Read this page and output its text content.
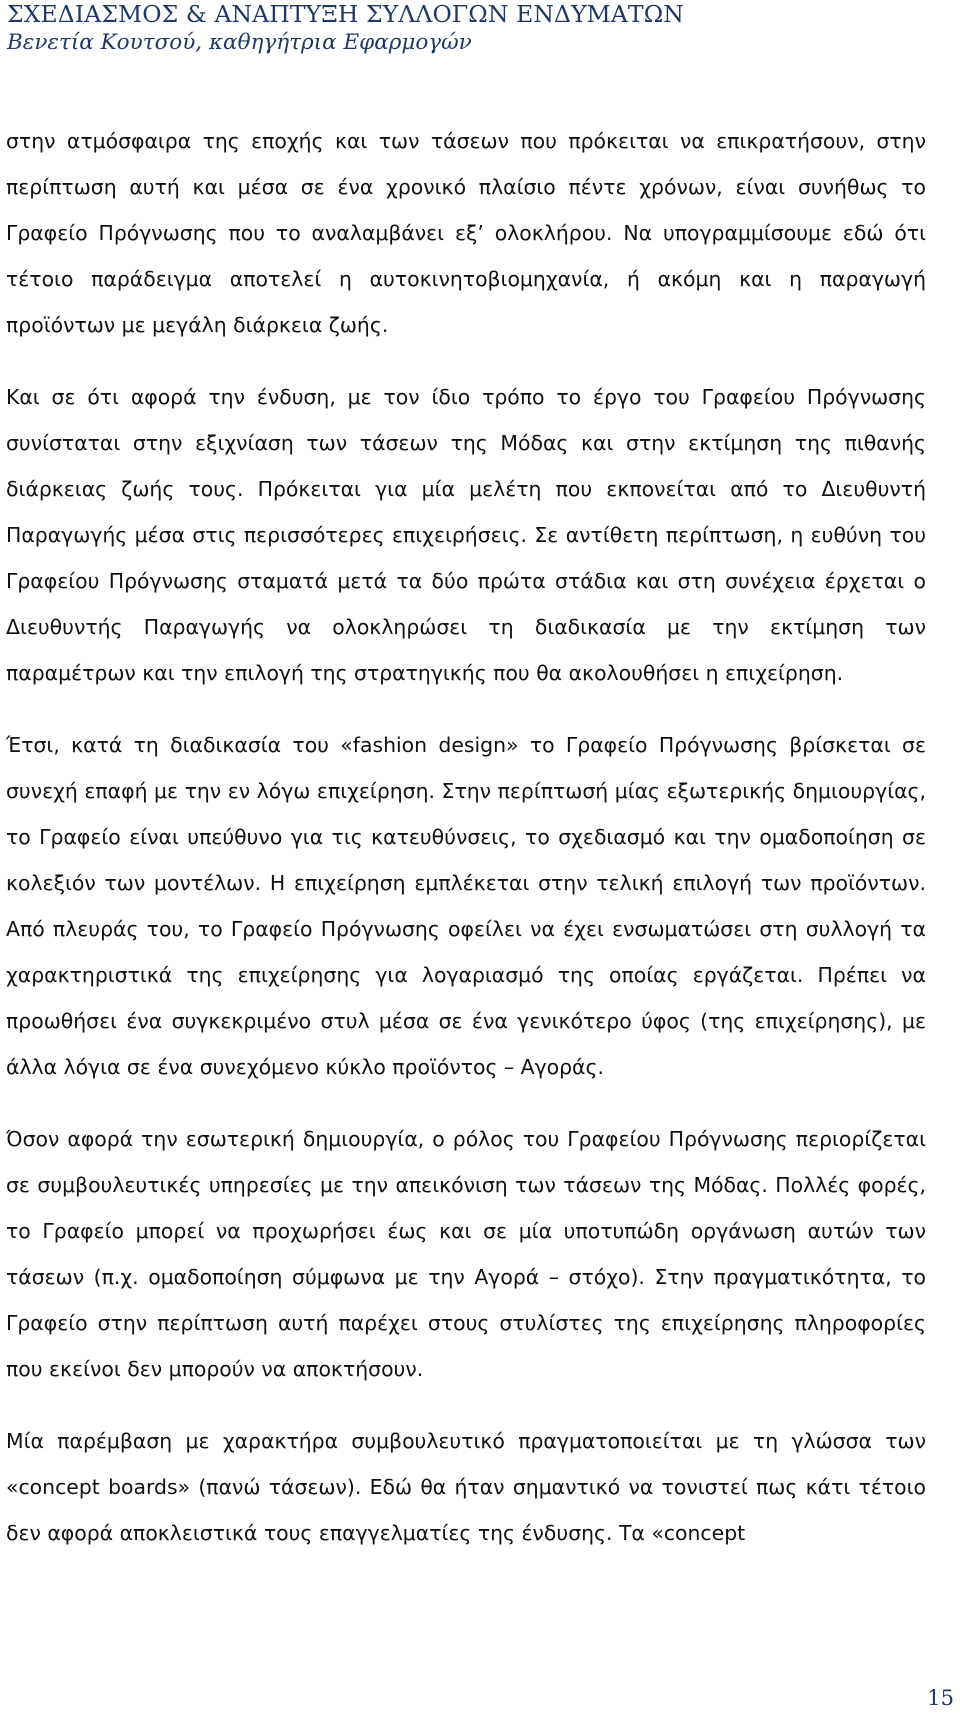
ΣΧΕΔΙΑΣΜΟΣ & ΑΝΑΠΤΥΞΗ ΣΥΛΛΟΓΩΝ ΕΝΔΥΜΑΤΩΝ
Βενετία Κουτσού, καθηγήτρια Εφαρμογών

στην ατμόσφαιρα της εποχής και των τάσεων που πρόκειται να επικρατήσουν, στην περίπτωση αυτή και μέσα σε ένα χρονικό πλαίσιο πέντε χρόνων, είναι συνήθως το Γραφείο Πρόγνωσης που το αναλαμβάνει εξ’ ολοκλήρου. Να υπογραμμίσουμε εδώ ότι τέτοιο παράδειγμα αποτελεί η αυτοκινητοβιομηχανία, ή ακόμη και η παραγωγή προϊόντων με μεγάλη διάρκεια ζωής.

Και σε ότι αφορά την ένδυση, με τον ίδιο τρόπο το έργο του Γραφείου Πρόγνωσης συνίσταται στην εξιχνίαση των τάσεων της Μόδας και στην εκτίμηση της πιθανής διάρκειας ζωής τους. Πρόκειται για μία μελέτη που εκπονείται από το Διευθυντή Παραγωγής μέσα στις περισσότερες επιχειρήσεις. Σε αντίθετη περίπτωση, η ευθύνη του Γραφείου Πρόγνωσης σταματά μετά τα δύο πρώτα στάδια και στη συνέχεια έρχεται ο Διευθυντής Παραγωγής να ολοκληρώσει τη διαδικασία με την εκτίμηση των παραμέτρων και την επιλογή της στρατηγικής που θα ακολουθήσει η επιχείρηση.

Έτσι, κατά τη διαδικασία του «fashion design» το Γραφείο Πρόγνωσης βρίσκεται σε συνεχή επαφή με την εν λόγω επιχείρηση. Στην περίπτωσή μίας εξωτερικής δημιουργίας, το Γραφείο είναι υπεύθυνο για τις κατευθύνσεις, το σχεδιασμό και την ομαδοποίηση σε κολεξιόν των μοντέλων. Η επιχείρηση εμπλέκεται στην τελική επιλογή των προϊόντων. Από πλευράς του, το Γραφείο Πρόγνωσης οφείλει να έχει ενσωματώσει στη συλλογή τα χαρακτηριστικά της επιχείρησης για λογαριασμό της οποίας εργάζεται. Πρέπει να προωθήσει ένα συγκεκριμένο στυλ μέσα σε ένα γενικότερο ύφος (της επιχείρησης), με άλλα λόγια σε ένα συνεχόμενο κύκλο προϊόντος – Αγοράς.

Όσον αφορά την εσωτερική δημιουργία, ο ρόλος του Γραφείου Πρόγνωσης περιορίζεται σε συμβουλευτικές υπηρεσίες με την απεικόνιση των τάσεων της Μόδας. Πολλές φορές, το Γραφείο μπορεί να προχωρήσει έως και σε μία υποτυπώδη οργάνωση αυτών των τάσεων (π.χ. ομαδοποίηση σύμφωνα με την Αγορά – στόχο). Στην πραγματικότητα, το Γραφείο στην περίπτωση αυτή παρέχει στους στυλίστες της επιχείρησης πληροφορίες που εκείνοι δεν μπορούν να αποκτήσουν.

Μία παρέμβαση με χαρακτήρα συμβουλευτικό πραγματοποιείται με τη γλώσσα των «concept boards» (πανώ τάσεων). Εδώ θα ήταν σημαντικό να τονιστεί πως κάτι τέτοιο δεν αφορά αποκλειστικά τους επαγγελματίες της ένδυσης. Τα «concept

15
